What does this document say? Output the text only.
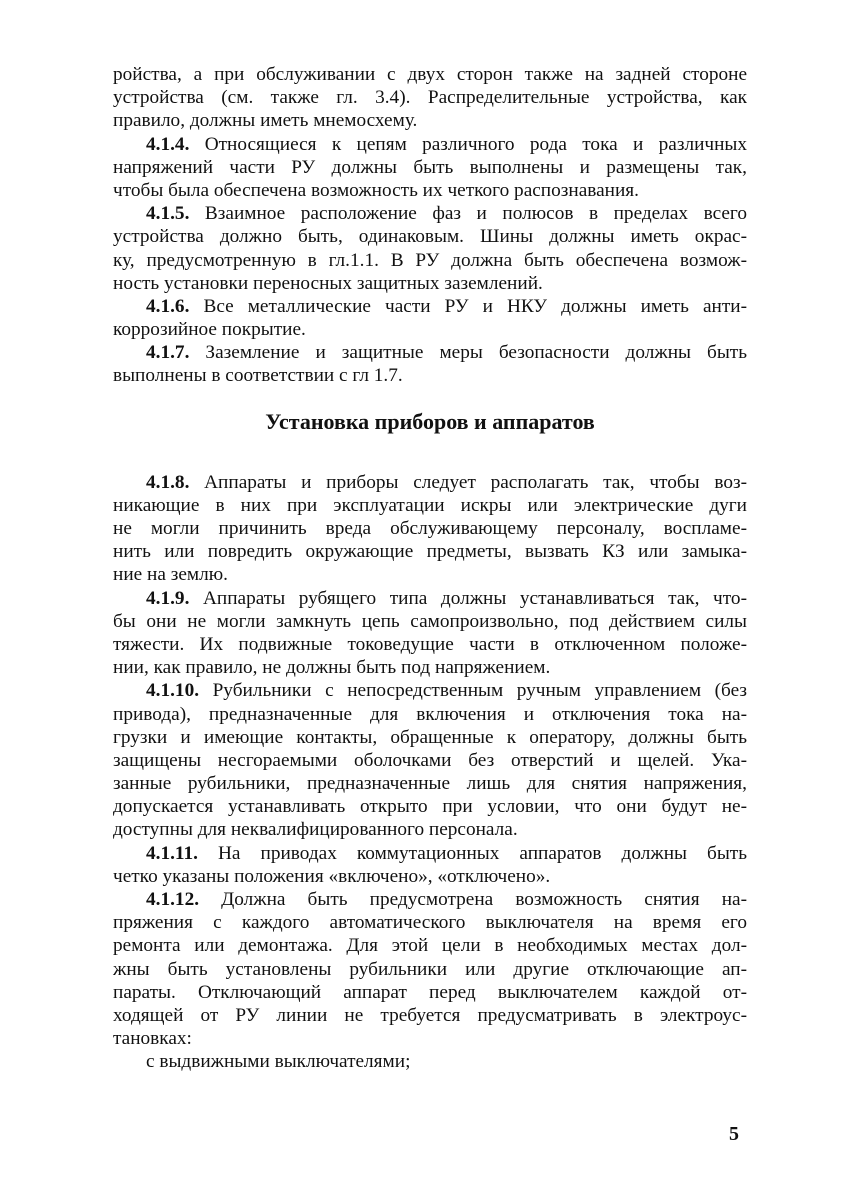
ройства, а при обслуживании с двух сторон также на задней стороне
устройства (см. также гл. 3.4). Распределительные устройства, как
правило, должны иметь мнемосхему.
4.1.4. Относящиеся к цепям различного рода тока и различных
напряжений части РУ должны быть выполнены и размещены так,
чтобы была обеспечена возможность их четкого распознавания.
4.1.5. Взаимное расположение фаз и полюсов в пределах всего
устройства должно быть, одинаковым. Шины должны иметь окрас-
ку, предусмотренную в гл.1.1. В РУ должна быть обеспечена возмож-
ность установки переносных защитных заземлений.
4.1.6. Все металлические части РУ и НКУ должны иметь анти-
коррозийное покрытие.
4.1.7. Заземление и защитные меры безопасности должны быть
выполнены в соответствии с гл 1.7.
Установка приборов и аппаратов
4.1.8. Аппараты и приборы следует располагать так, чтобы воз-
никающие в них при эксплуатации искры или электрические дуги
не могли причинить вреда обслуживающему персоналу, воспламе-
нить или повредить окружающие предметы, вызвать КЗ или замыка-
ние на землю.
4.1.9. Аппараты рубящего типа должны устанавливаться так, что-
бы они не могли замкнуть цепь самопроизвольно, под действием силы
тяжести. Их подвижные токоведущие части в отключенном положе-
нии, как правило, не должны быть под напряжением.
4.1.10. Рубильники с непосредственным ручным управлением (без
привода), предназначенные для включения и отключения тока на-
грузки и имеющие контакты, обращенные к оператору, должны быть
защищены несгораемыми оболочками без отверстий и щелей. Ука-
занные рубильники, предназначенные лишь для снятия напряжения,
допускается устанавливать открыто при условии, что они будут не-
доступны для неквалифицированного персонала.
4.1.11. На приводах коммутационных аппаратов должны быть
четко указаны положения «включено», «отключено».
4.1.12. Должна быть предусмотрена возможность снятия на-
пряжения с каждого автоматического выключателя на время его
ремонта или демонтажа. Для этой цели в необходимых местах дол-
жны быть установлены рубильники или другие отключающие ап-
параты. Отключающий аппарат перед выключателем каждой от-
ходящей от РУ линии не требуется предусматривать в электроус-
тановках:
с выдвижными выключателями;
5
